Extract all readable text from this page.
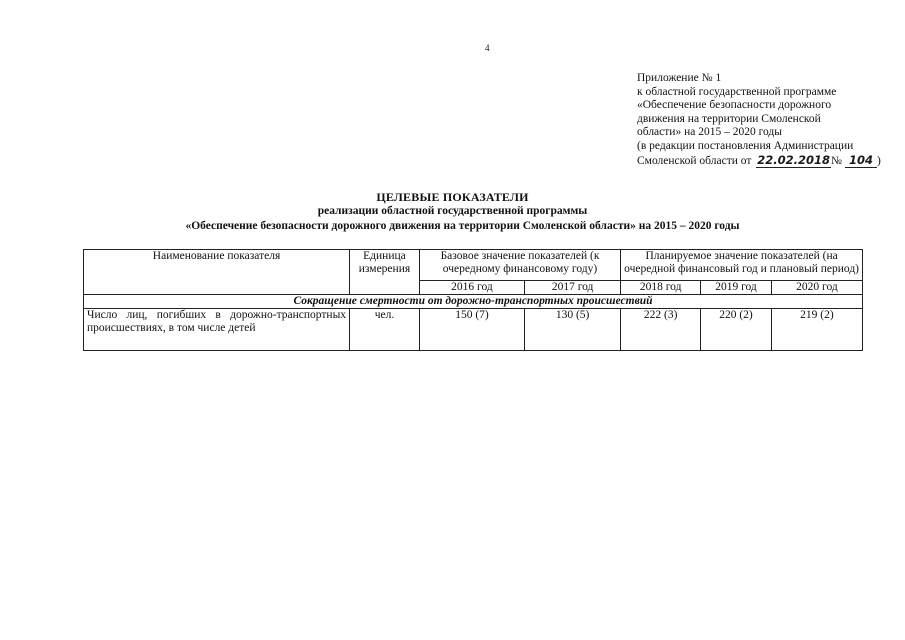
4
Приложение № 1
к областной государственной программе
«Обеспечение безопасности дорожного
движения на территории Смоленской
области» на 2015 – 2020 годы
(в редакции постановления Администрации
Смоленской области от 22.02.2018№ 104 )
ЦЕЛЕВЫЕ ПОКАЗАТЕЛИ
реализации областной государственной программы
«Обеспечение безопасности дорожного движения на территории Смоленской области» на 2015 – 2020 годы
Наименование показателя	Единица измерения	Базовое значение показателей (к очередному финансовому году)		Планируемое значение показателей (на очередной финансовый год и плановый период)		
		2016 год	2017 год	2018 год	2019 год	2020 год
Сокращение смертности от дорожно-транспортных происшествий						
Число лиц, погибших в дорожно-транспортных происшествиях, в том числе детей	чел.	150 (7)	130 (5)	222 (3)	220 (2)	219 (2)
